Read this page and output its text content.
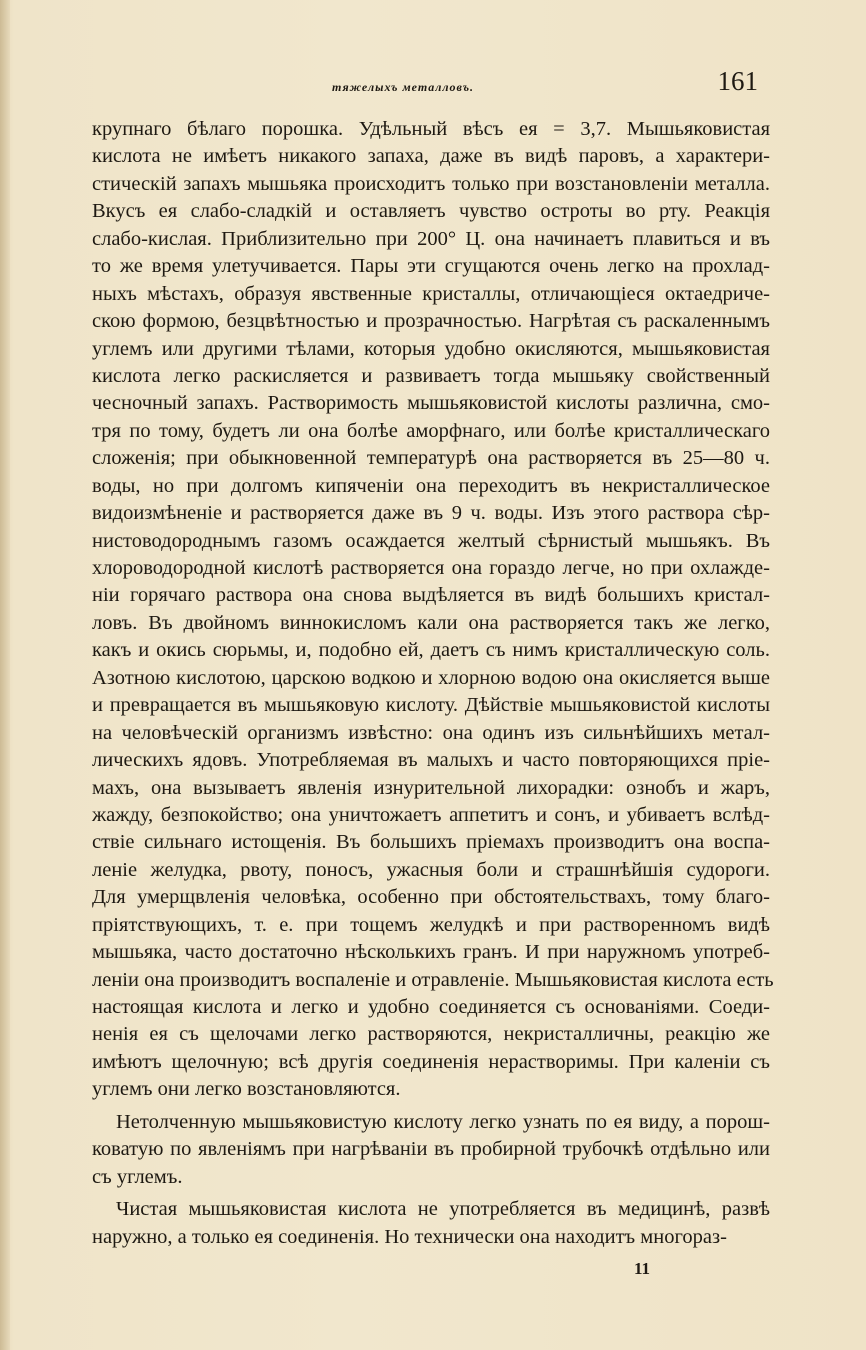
тяжелыхъ металловъ.	161
крупнаго бѣлаго порошка. Удѣльный вѣсъ ея = 3,7. Мышьяковистая
кислота не имѣетъ никакого запаха, даже въ видѣ паровъ, а характери-
стическій запахъ мышьяка происходитъ только при возстановленіи металла.
Вкусъ ея слабо-сладкій и оставляетъ чувство остроты во рту. Реакція
слабо-кислая. Приблизительно при 200° Ц. она начинаетъ плавиться и въ
то же время улетучивается. Пары эти сгущаются очень легко на прохлад-
ныхъ мѣстахъ, образуя явственные кристаллы, отличающіеся октаедриче-
скою формою, безцвѣтностью и прозрачностью. Нагрѣтая съ раскаленнымъ
углемъ или другими тѣлами, которыя удобно окисляются, мышьяковистая
кислота легко раскисляется и развиваетъ тогда мышьяку свойственный
чесночный запахъ. Растворимость мышьяковистой кислоты различна, смо-
тря по тому, будетъ ли она болѣе аморфнаго, или болѣе кристаллическаго
сложенія; при обыкновенной температурѣ она растворяется въ 25—80 ч.
воды, но при долгомъ кипяченіи она переходитъ въ некристаллическое
видоизмѣненіе и растворяется даже въ 9 ч. воды. Изъ этого раствора сѣр-
нистоводороднымъ газомъ осаждается желтый сѣрнистый мышьякъ. Въ
хлороводородной кислотѣ растворяется она гораздо легче, но при охлажде-
ніи горячаго раствора она снова выдѣляется въ видѣ большихъ кристал-
ловъ. Въ двойномъ виннокисломъ кали она растворяется такъ же легко,
какъ и окись сюрьмы, и, подобно ей, даетъ съ нимъ кристаллическую соль.
Азотною кислотою, царскою водкою и хлорною водою она окисляется выше
и превращается въ мышьяковую кислоту. Дѣйствіе мышьяковистой кислоты
на человѣческій организмъ извѣстно: она одинъ изъ сильнѣйшихъ метал-
лическихъ ядовъ. Употребляемая въ малыхъ и часто повторяющихся пріе-
махъ, она вызываетъ явленія изнурительной лихорадки: ознобъ и жаръ,
жажду, безпокойство; она уничтожаетъ аппетитъ и сонъ, и убиваетъ вслѣд-
ствіе сильнаго истощенія. Въ большихъ пріемахъ производитъ она воспа-
леніе желудка, рвоту, поносъ, ужасныя боли и страшнѣйшія судороги.
Для умерщвленія человѣка, особенно при обстоятельствахъ, тому благо-
пріятствующихъ, т. е. при тощемъ желудкѣ и при растворенномъ видѣ
мышьяка, часто достаточно нѣсколькихъ гранъ. И при наружномъ употреб-
леніи она производитъ воспаленіе и отравленіе. Мышьяковистая кислота есть
настоящая кислота и легко и удобно соединяется съ основаніями. Соеди-
ненія ея съ щелочами легко растворяются, некристалличны, реакцію же
имѣютъ щелочную; всѣ другія соединенія нерастворимы. При каленіи съ
углемъ они легко возстановляются.
Нетолченную мышьяковистую кислоту легко узнать по ея виду, а порош-
коватую по явленіямъ при нагрѣваніи въ пробирной трубочкѣ отдѣльно или
съ углемъ.
Чистая мышьяковистая кислота не употребляется въ медицинѣ, развѣ
наружно, а только ея соединенія. Но технически она находитъ многораз-
11
